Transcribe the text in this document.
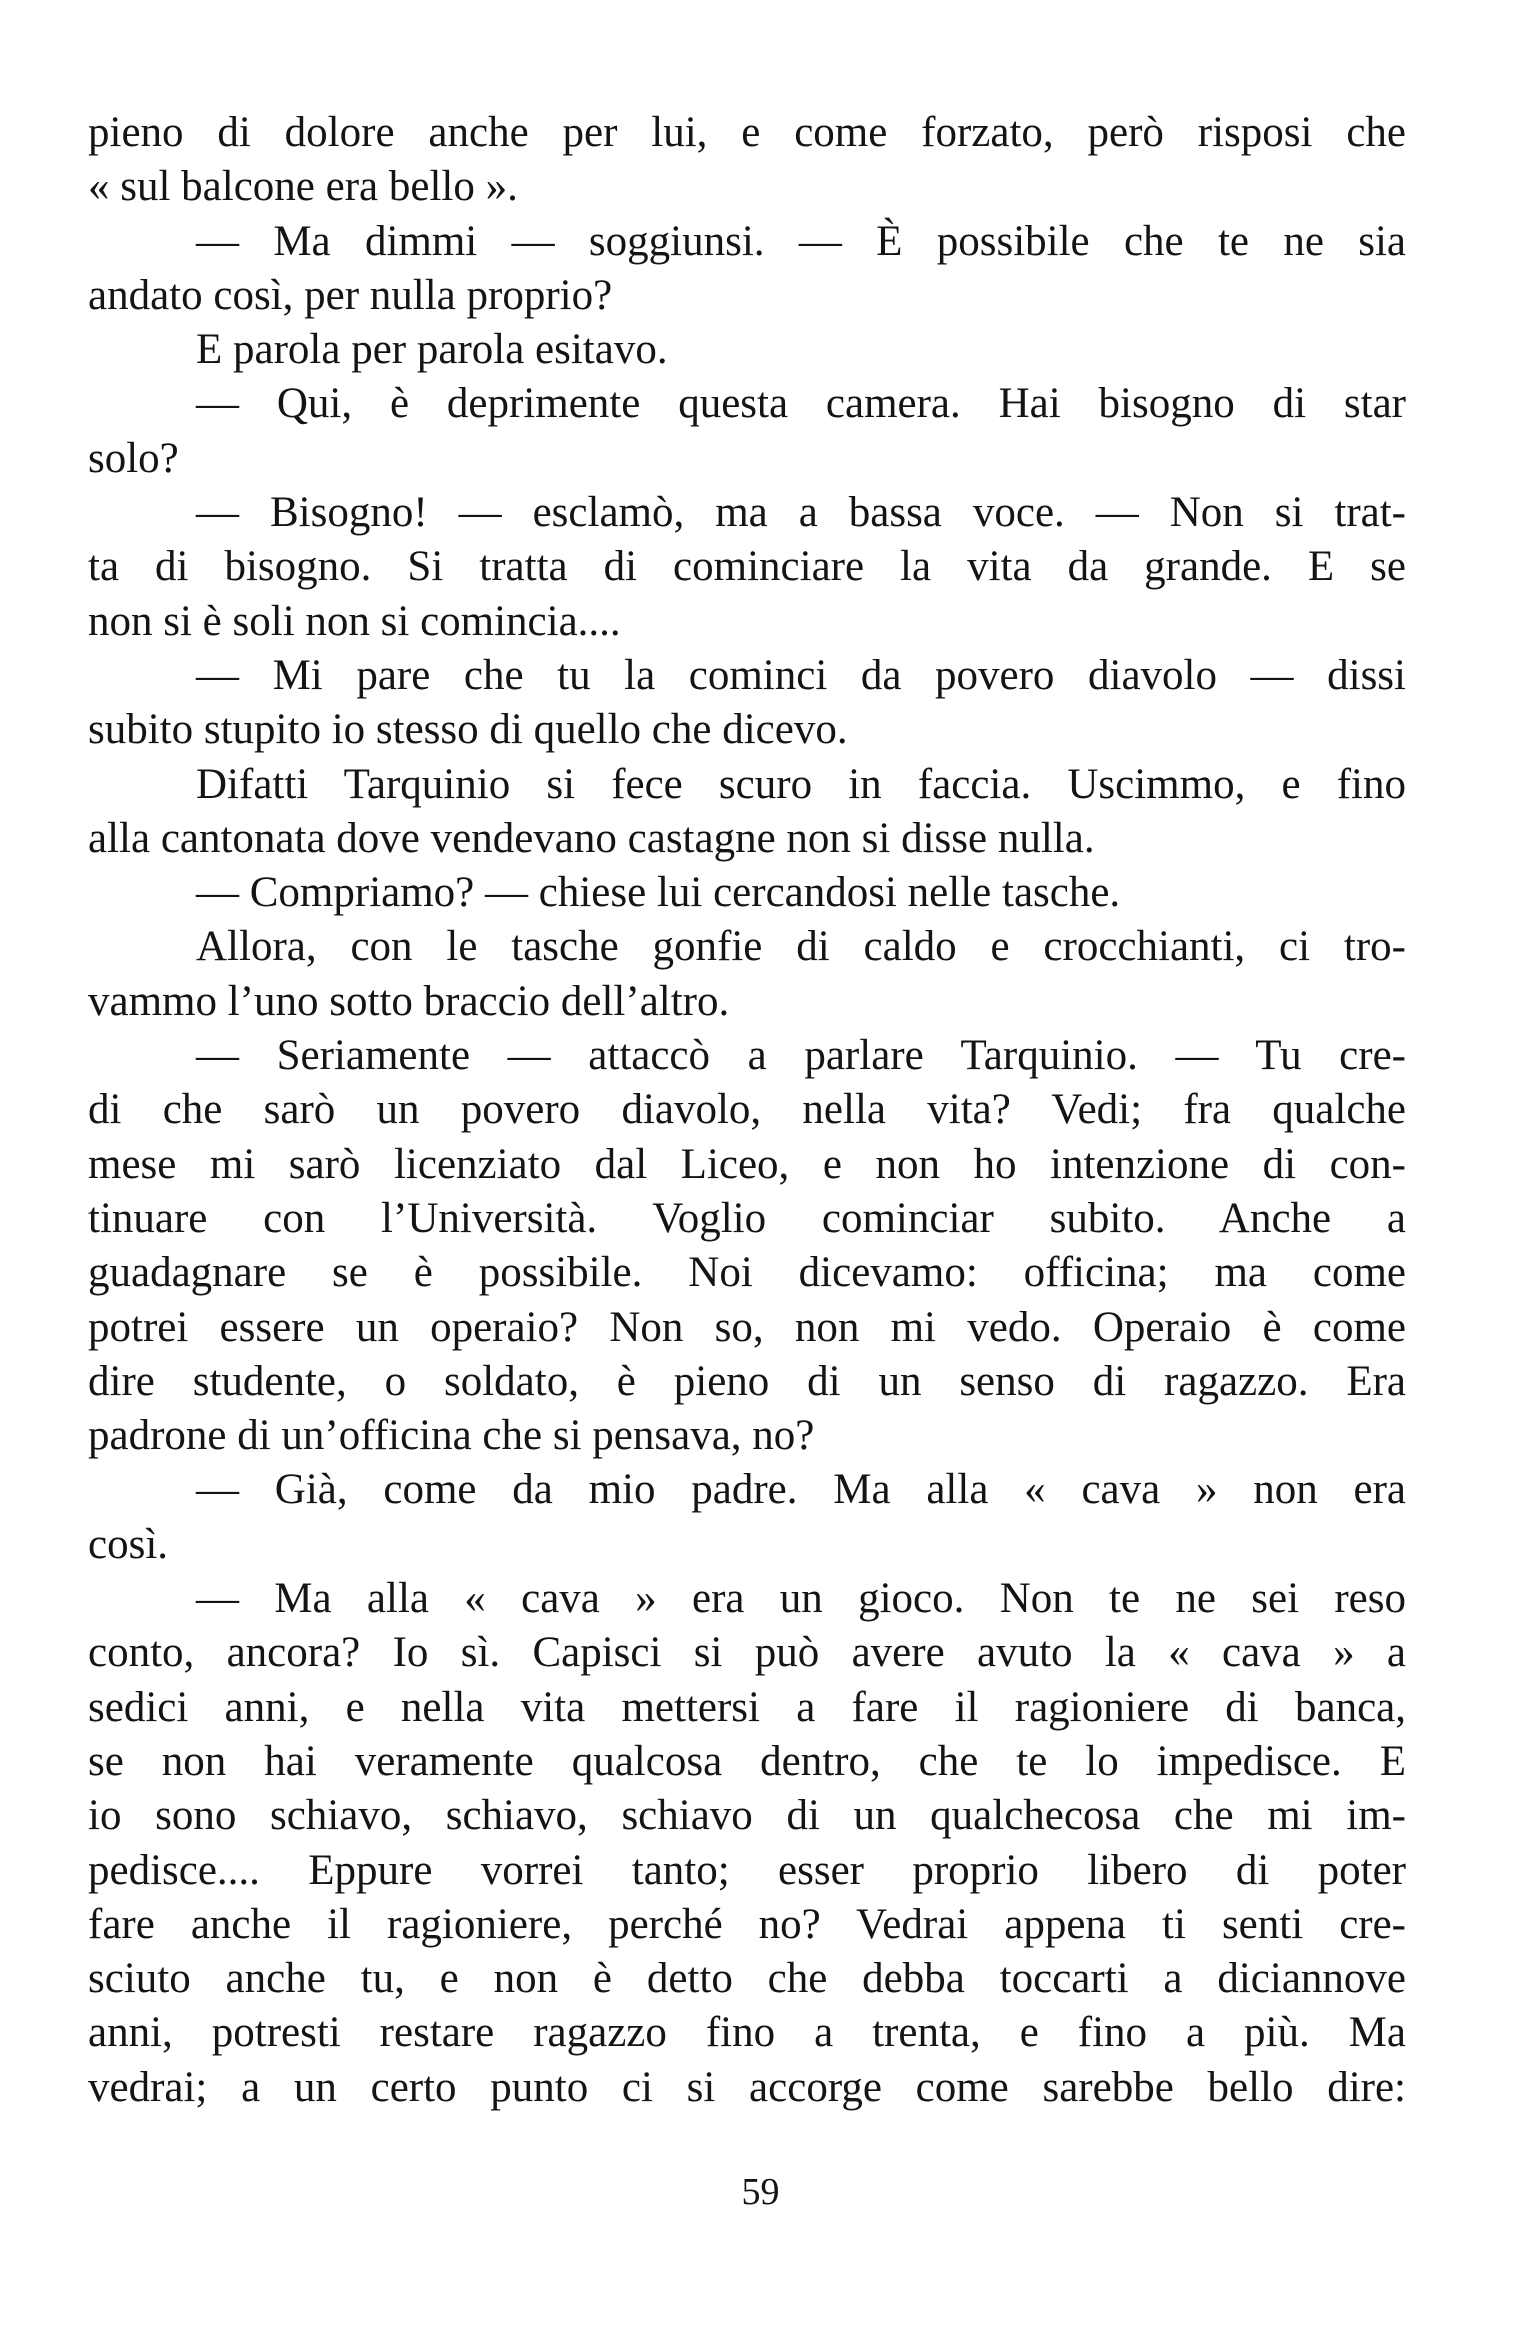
pieno di dolore anche per lui, e come forzato, però risposi che
« sul balcone era bello ».
— Ma dimmi — soggiunsi. — È possibile che te ne sia
andato così, per nulla proprio?
E parola per parola esitavo.
— Qui, è deprimente questa camera. Hai bisogno di star
solo?
— Bisogno! — esclamò, ma a bassa voce. — Non si trat-
ta di bisogno. Si tratta di cominciare la vita da grande. E se
non si è soli non si comincia....
— Mi pare che tu la cominci da povero diavolo — dissi
subito stupito io stesso di quello che dicevo.
Difatti Tarquinio si fece scuro in faccia. Uscimmo, e fino
alla cantonata dove vendevano castagne non si disse nulla.
— Compriamo? — chiese lui cercandosi nelle tasche.
Allora, con le tasche gonfie di caldo e crocchianti, ci tro-
vammo l’uno sotto braccio dell’altro.
— Seriamente — attaccò a parlare Tarquinio. — Tu cre-
di che sarò un povero diavolo, nella vita? Vedi; fra qualche
mese mi sarò licenziato dal Liceo, e non ho intenzione di con-
tinuare con l’Università. Voglio cominciar subito. Anche a
guadagnare se è possibile. Noi dicevamo: officina; ma come
potrei essere un operaio? Non so, non mi vedo. Operaio è come
dire studente, o soldato, è pieno di un senso di ragazzo. Era
padrone di un’officina che si pensava, no?
— Già, come da mio padre. Ma alla « cava » non era
così.
— Ma alla « cava » era un gioco. Non te ne sei reso
conto, ancora? Io sì. Capisci si può avere avuto la « cava » a
sedici anni, e nella vita mettersi a fare il ragioniere di banca,
se non hai veramente qualcosa dentro, che te lo impedisce. E
io sono schiavo, schiavo, schiavo di un qualchecosa che mi im-
pedisce.... Eppure vorrei tanto; esser proprio libero di poter
fare anche il ragioniere, perché no? Vedrai appena ti senti cre-
sciuto anche tu, e non è detto che debba toccarti a diciannove
anni, potresti restare ragazzo fino a trenta, e fino a più. Ma
vedrai; a un certo punto ci si accorge come sarebbe bello dire:
59
